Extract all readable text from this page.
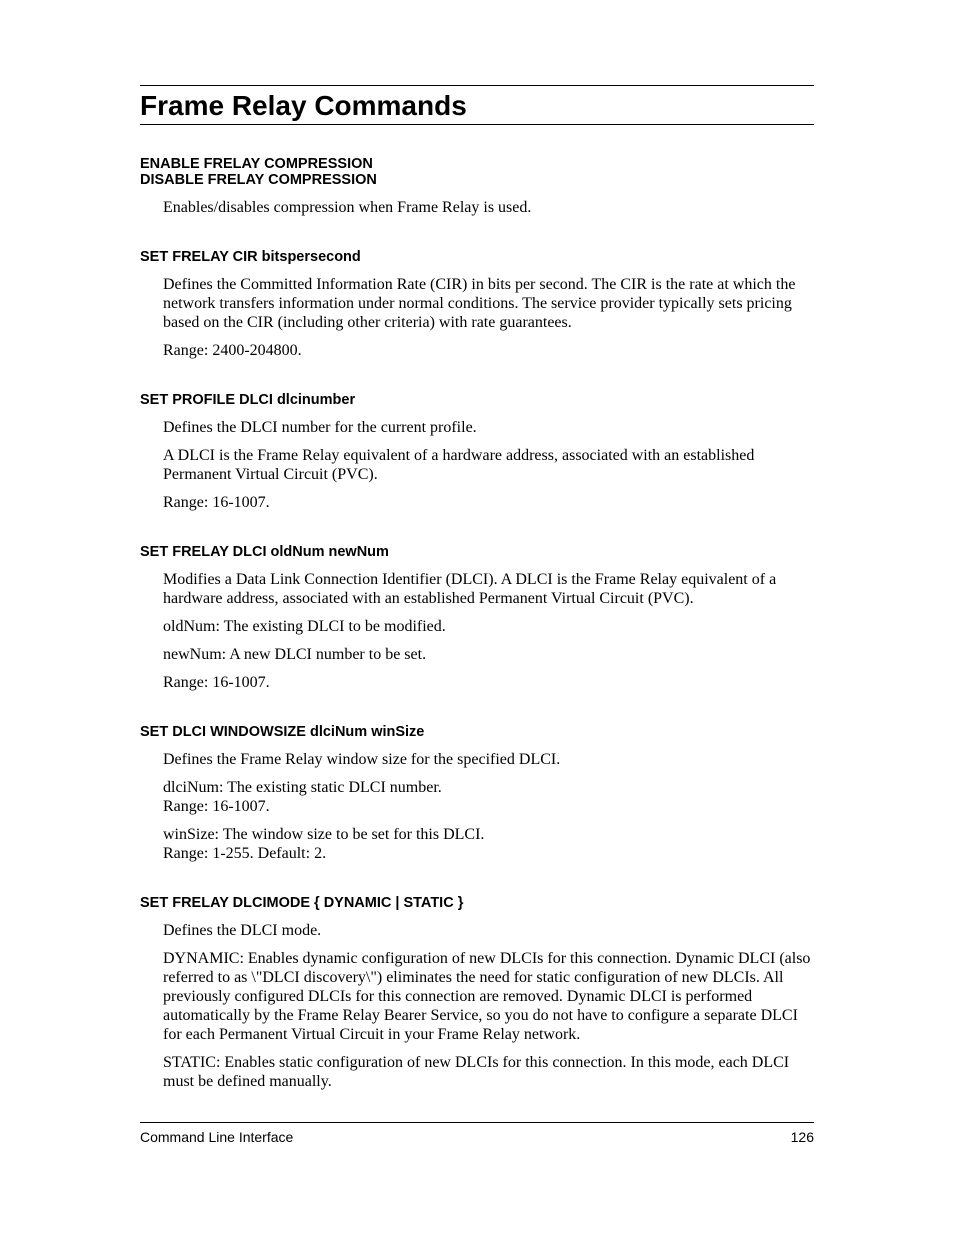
Frame Relay Commands
ENABLE FRELAY COMPRESSION
DISABLE FRELAY COMPRESSION

Enables/disables compression when Frame Relay is used.

SET FRELAY CIR bitspersecond

Defines the Committed Information Rate (CIR) in bits per second. The CIR is the rate at which the network transfers information under normal conditions. The service provider typically sets pricing based on the CIR (including other criteria) with rate guarantees.

Range: 2400-204800.

SET PROFILE DLCI dlcinumber

Defines the DLCI number for the current profile.

A DLCI is the Frame Relay equivalent of a hardware address, associated with an established Permanent Virtual Circuit (PVC).

Range: 16-1007.

SET FRELAY DLCI oldNum newNum

Modifies a Data Link Connection Identifier (DLCI). A DLCI is the Frame Relay equivalent of a hardware address, associated with an established Permanent Virtual Circuit (PVC).

oldNum: The existing DLCI to be modified.

newNum: A new DLCI number to be set.

Range: 16-1007.

SET DLCI WINDOWSIZE dlciNum winSize

Defines the Frame Relay window size for the specified DLCI.

dlciNum: The existing static DLCI number.
Range: 16-1007.

winSize: The window size to be set for this DLCI.
Range: 1-255. Default: 2.

SET FRELAY DLCIMODE { DYNAMIC | STATIC }

Defines the DLCI mode.

DYNAMIC: Enables dynamic configuration of new DLCIs for this connection. Dynamic DLCI (also referred to as \"DLCI discovery\") eliminates the need for static configuration of new DLCIs. All previously configured DLCIs for this connection are removed. Dynamic DLCI is performed automatically by the Frame Relay Bearer Service, so you do not have to configure a separate DLCI for each Permanent Virtual Circuit in your Frame Relay network.

STATIC: Enables static configuration of new DLCIs for this connection. In this mode, each DLCI must be defined manually.

Command Line Interface	126
